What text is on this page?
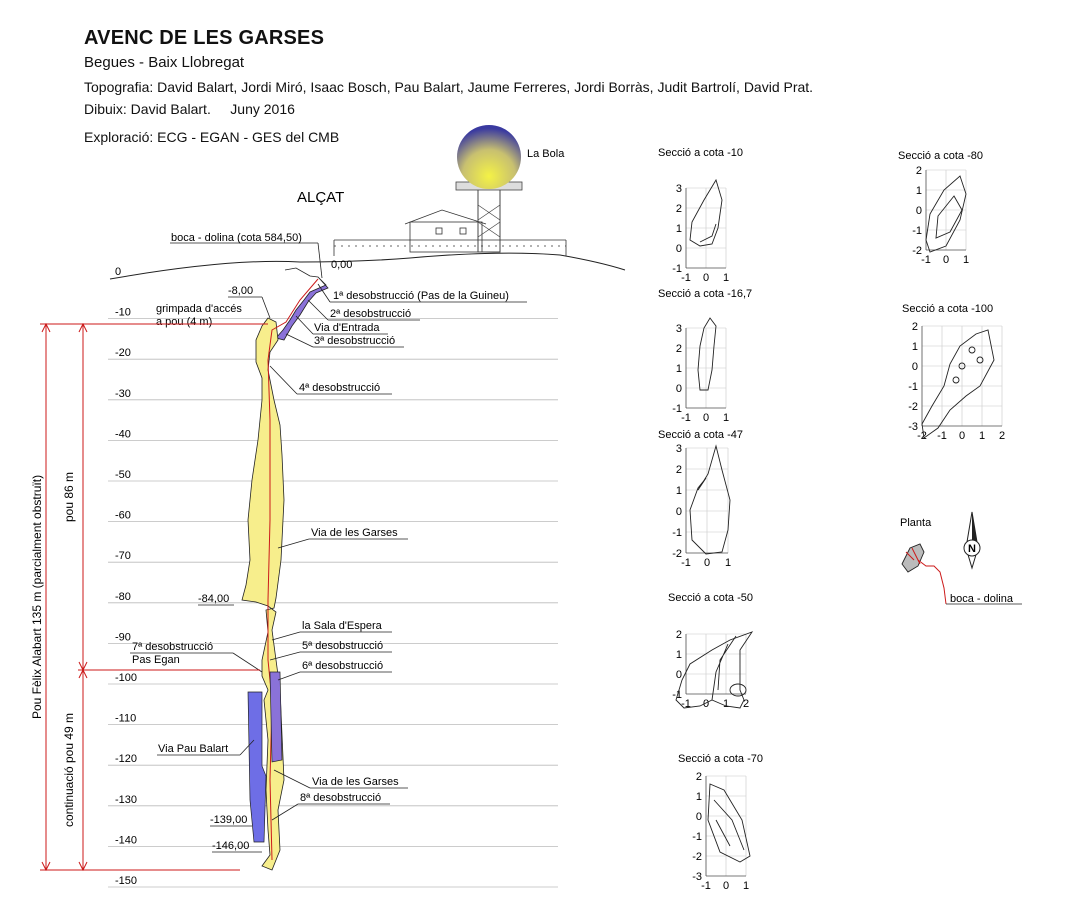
AVENC DE LES GARSES
Begues - Baix Llobregat
Topografia: David Balart, Jordi Miró, Isaac Bosch, Pau Balart, Jaume Ferreres, Jordi Borràs, Judit Bartrolí, David Prat.
Dibuix: David Balart. Juny 2016
Exploració: ECG - EGAN - GES del CMB
0
-10
-20
-30
-40
-50
-60
-70
-80
-90
-100
-110
-120
-130
-140
-150
La Bola
ALÇAT
boca - dolina (cota 584,50)
0,00
-8,00
-84,00
-139,00
-146,00
1ª desobstrucció (Pas de la Guineu)
2ª desobstrucció
Via d'Entrada
3ª desobstrucció
grimpada d'accés
a pou (4 m)
4ª desobstrucció
Via de les Garses
la Sala d'Espera
5ª desobstrucció
6ª desobstrucció
7ª desobstrucció
Pas Egan
Via Pau Balart
Via de les Garses
8ª desobstrucció
Pou Fèlix Alabart 135 m (parcialment obstruït) pou 86 m
continuació pou 49 m
Secció a cota -10
-1 0 1
3
2
1
0
-1
Secció a cota -16,7
-1 0 1
3
2
1
0
-1
Secció a cota -47
-1 0 1
3
2
1
0
-1
-2
Secció a cota -50
-1 0 1 2
2
1
0
-1
Secció a cota -70
-1 0 1
2
1
0
-1
-2
-3
Secció a cota -80
-1 0 1
2
1
0
-1
-2
Secció a cota -100
-2 -1 0 1 2
2
1
0
-1
-2
-3
Planta
boca - dolina
N
